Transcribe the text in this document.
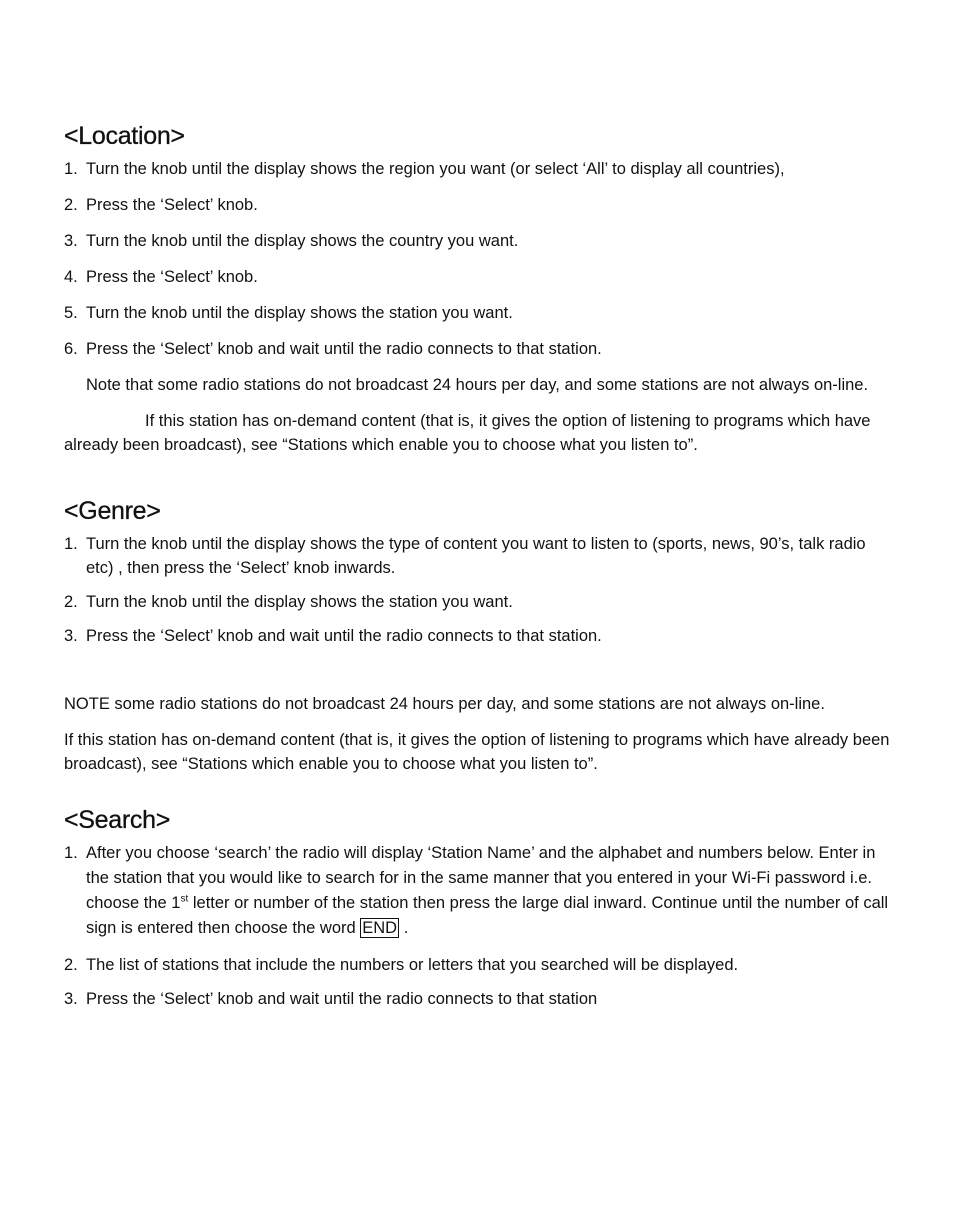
<Location>
1. Turn the knob until the display shows the region you want (or select ‘All’ to display all countries),
2. Press the ‘Select’ knob.
3. Turn the knob until the display shows the country you want.
4. Press the ‘Select’ knob.
5. Turn the knob until the display shows the station you want.
6. Press the ‘Select’ knob and wait until the radio connects to that station.

Note that some radio stations do not broadcast 24 hours per day, and some stations are not always on-line.

If this station has on-demand content (that is, it gives the option of listening to programs which have already been broadcast), see “Stations which enable you to choose what you listen to”.

<Genre>
1. Turn the knob until the display shows the type of content you want to listen to (sports, news, 90’s, talk radio etc) , then press the ‘Select’ knob inwards.
2. Turn the knob until the display shows the station you want.
3. Press the ‘Select’ knob and wait until the radio connects to that station.

NOTE some radio stations do not broadcast 24 hours per day, and some stations are not always on-line.

If this station has on-demand content (that is, it gives the option of listening to programs which have already been broadcast), see “Stations which enable you to choose what you listen to”.

<Search>
1. After you choose ‘search’ the radio will display ‘Station Name’ and the alphabet and numbers below. Enter in the station that you would like to search for in the same manner that you entered in your Wi-Fi password i.e. choose the 1st letter or number of the station then press the large dial inward. Continue until the number of call sign is entered then choose the word END .
2. The list of stations that include the numbers or letters that you searched will be displayed.
3. Press the ‘Select’ knob and wait until the radio connects to that station
